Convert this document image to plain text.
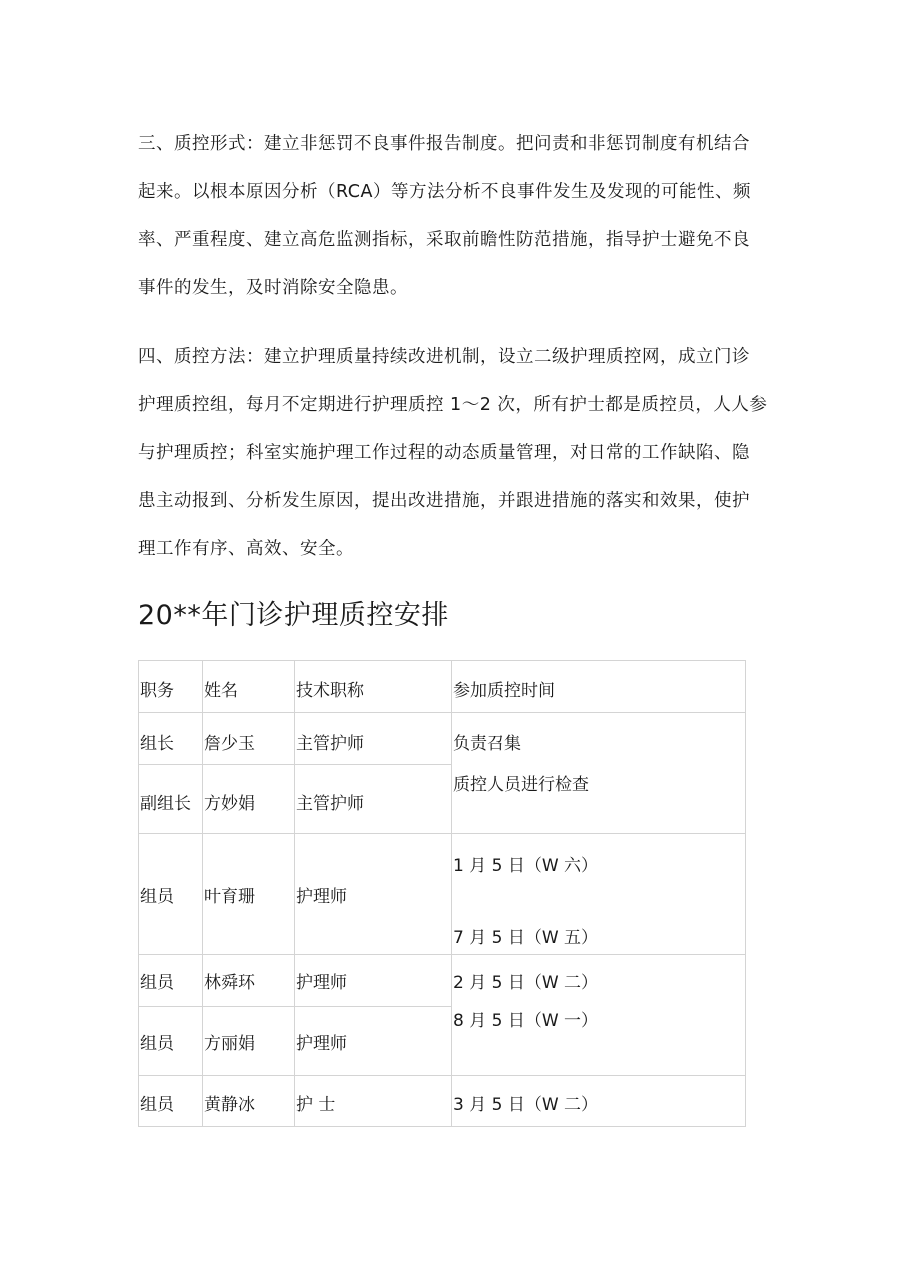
三、质控形式：建立非惩罚不良事件报告制度。把问责和非惩罚制度有机结合
起来。以根本原因分析（RCA）等方法分析不良事件发生及发现的可能性、频
率、严重程度、建立高危监测指标，采取前瞻性防范措施，指导护士避免不良
事件的发生，及时消除安全隐患。

四、质控方法：建立护理质量持续改进机制，设立二级护理质控网，成立门诊
护理质控组，每月不定期进行护理质控 1～2 次，所有护士都是质控员，人人参
与护理质控；科室实施护理工作过程的动态质量管理，对日常的工作缺陷、隐
患主动报到、分析发生原因，提出改进措施，并跟进措施的落实和效果，使护
理工作有序、高效、安全。

20**年门诊护理质控安排
职务	姓名	技术职称	参加质控时间

组长	詹少玉	主管护师	负责召集
质控人员进行检查

副组长	方妙娟	主管护师	

组员	叶育珊	护理师	1 月 5 日（W 六）
7 月 5 日（W 五）

组员	林舜环	护理师	2 月 5 日（W 二）
8 月 5 日（W 一）

组员	方丽娟	护理师	

组员	黄静冰	护 士	3 月 5 日（W 二）
